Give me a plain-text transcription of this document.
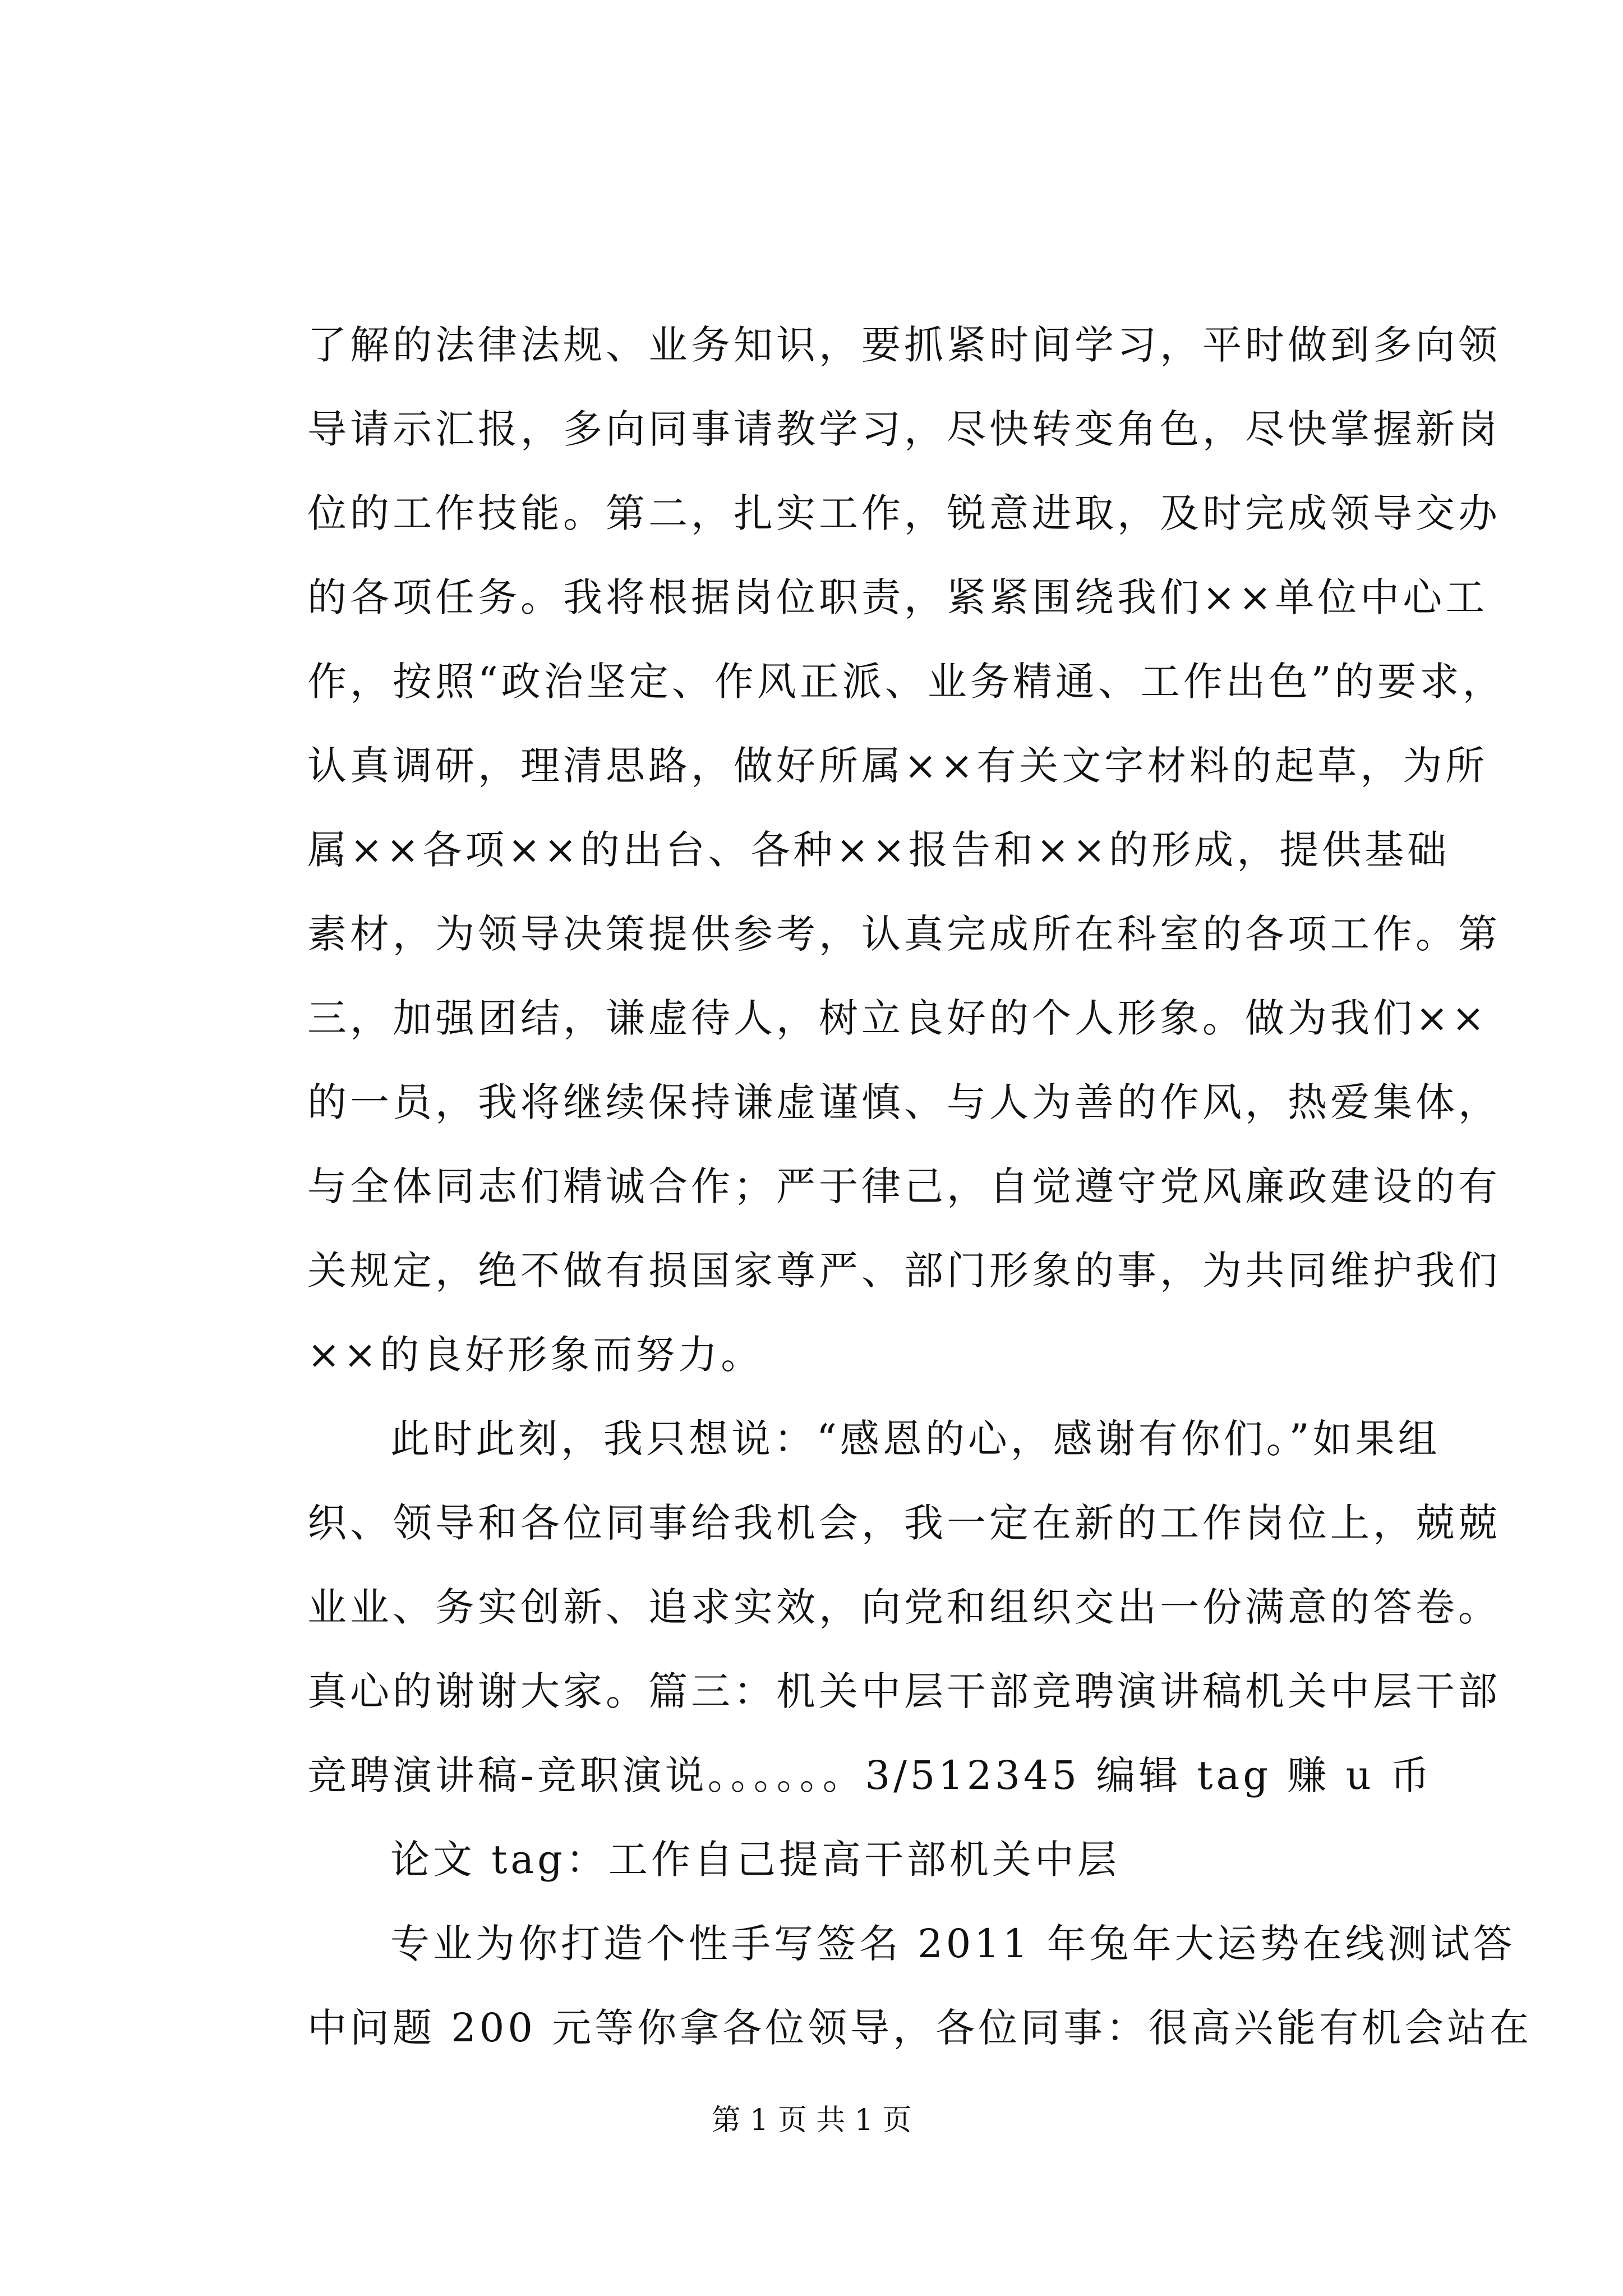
了解的法律法规、业务知识，要抓紧时间学习，平时做到多向领
导请示汇报，多向同事请教学习，尽快转变角色，尽快掌握新岗
位的工作技能。第二，扎实工作，锐意进取，及时完成领导交办
的各项任务。我将根据岗位职责，紧紧围绕我们××单位中心工
作，按照“政治坚定、作风正派、业务精通、工作出色”的要求，
认真调研，理清思路，做好所属××有关文字材料的起草，为所
属××各项××的出台、各种××报告和××的形成，提供基础
素材，为领导决策提供参考，认真完成所在科室的各项工作。第
三，加强团结，谦虚待人，树立良好的个人形象。做为我们××
的一员，我将继续保持谦虚谨慎、与人为善的作风，热爱集体，
与全体同志们精诚合作；严于律己，自觉遵守党风廉政建设的有
关规定，绝不做有损国家尊严、部门形象的事，为共同维护我们
××的良好形象而努力。
此时此刻，我只想说：“感恩的心，感谢有你们。”如果组
织、领导和各位同事给我机会，我一定在新的工作岗位上，兢兢
业业、务实创新、追求实效，向党和组织交出一份满意的答卷。
真心的谢谢大家。篇三：机关中层干部竞聘演讲稿机关中层干部
竞聘演讲稿-竞职演说。。。。。。3/512345 编辑 tag 赚 u 币
论文 tag：工作自己提高干部机关中层
专业为你打造个性手写签名 2011 年兔年大运势在线测试答
中问题 200 元等你拿各位领导，各位同事：很高兴能有机会站在
第 1 页 共 1 页
